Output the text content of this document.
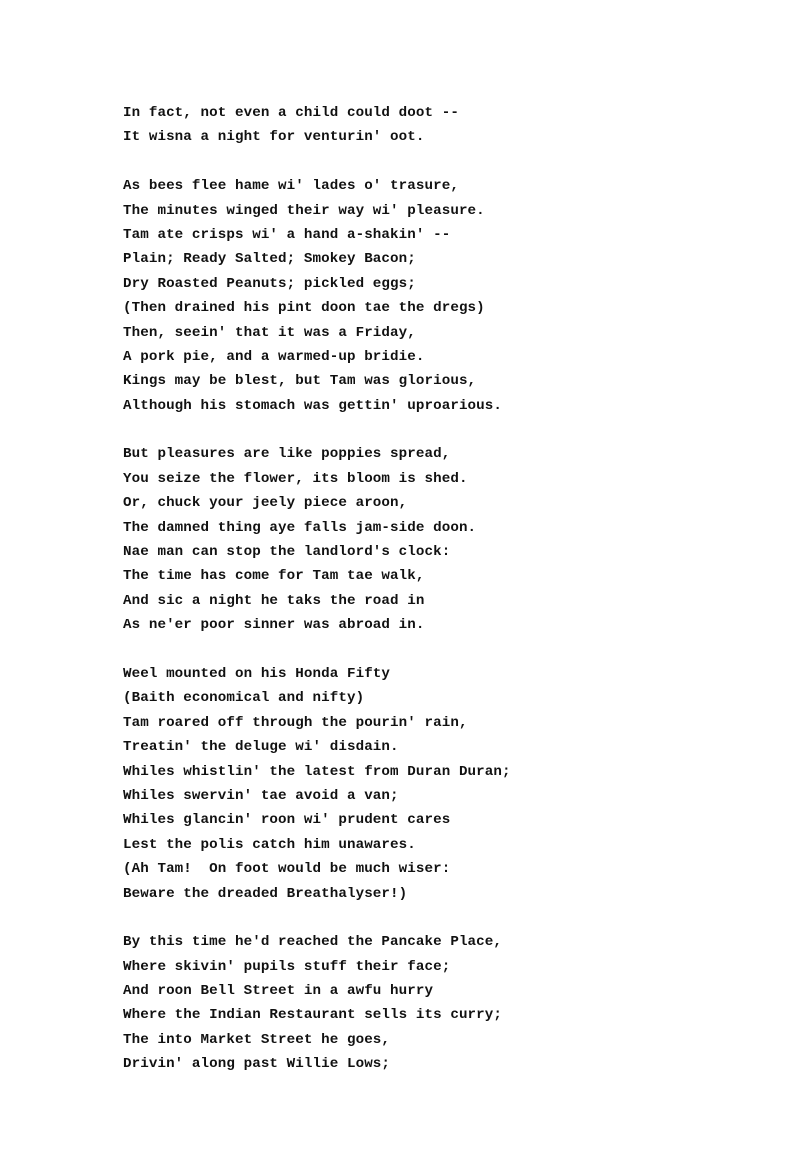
In fact, not even a child could doot --
It wisna a night for venturin' oot.
As bees flee hame wi' lades o' trasure,
The minutes winged their way wi' pleasure.
Tam ate crisps wi' a hand a-shakin' --
Plain; Ready Salted; Smokey Bacon;
Dry Roasted Peanuts; pickled eggs;
(Then drained his pint doon tae the dregs)
Then, seein' that it was a Friday,
A pork pie, and a warmed-up bridie.
Kings may be blest, but Tam was glorious,
Although his stomach was gettin' uproarious.
But pleasures are like poppies spread,
You seize the flower, its bloom is shed.
Or, chuck your jeely piece aroon,
The damned thing aye falls jam-side doon.
Nae man can stop the landlord's clock:
The time has come for Tam tae walk,
And sic a night he taks the road in
As ne'er poor sinner was abroad in.
Weel mounted on his Honda Fifty
(Baith economical and nifty)
Tam roared off through the pourin' rain,
Treatin' the deluge wi' disdain.
Whiles whistlin' the latest from Duran Duran;
Whiles swervin' tae avoid a van;
Whiles glancin' roon wi' prudent cares
Lest the polis catch him unawares.
(Ah Tam!  On foot would be much wiser:
Beware the dreaded Breathalyser!)
By this time he'd reached the Pancake Place,
Where skivin' pupils stuff their face;
And roon Bell Street in a awfu hurry
Where the Indian Restaurant sells its curry;
The into Market Street he goes,
Drivin' along past Willie Lows;
